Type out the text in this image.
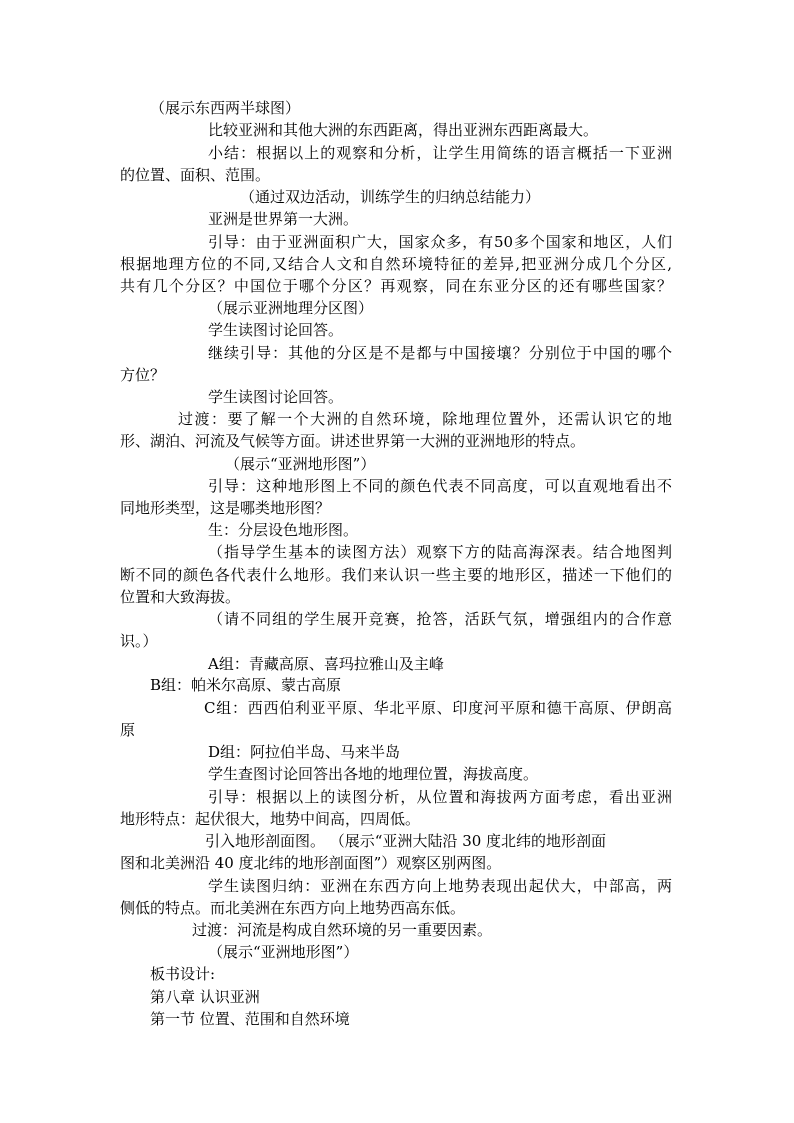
（展示东西两半球图）
比较亚洲和其他大洲的东西距离，得出亚洲东西距离最大。
小结：根据以上的观察和分析，让学生用简练的语言概括一下亚洲
的位置、面积、范围。
（通过双边活动，训练学生的归纳总结能力）
亚洲是世界第一大洲。
引导：由于亚洲面积广大，国家众多，有50多个国家和地区，人们
根据地理方位的不同,又结合人文和自然环境特征的差异,把亚洲分成几个分区,
共有几个分区？中国位于哪个分区？再观察，同在东亚分区的还有哪些国家？
（展示亚洲地理分区图）
学生读图讨论回答。
继续引导：其他的分区是不是都与中国接壤？分别位于中国的哪个
方位？
学生读图讨论回答。
过渡：要了解一个大洲的自然环境，除地理位置外，还需认识它的地
形、湖泊、河流及气候等方面。讲述世界第一大洲的亚洲地形的特点。
（展示“亚洲地形图”）
引导：这种地形图上不同的颜色代表不同高度，可以直观地看出不
同地形类型，这是哪类地形图？
生：分层设色地形图。
（指导学生基本的读图方法）观察下方的陆高海深表。结合地图判
断不同的颜色各代表什么地形。我们来认识一些主要的地形区，描述一下他们的
位置和大致海拔。
（请不同组的学生展开竞赛，抢答，活跃气氛，增强组内的合作意
识。）
A组：青藏高原、喜玛拉雅山及主峰
B组：帕米尔高原、蒙古高原
C组：西西伯利亚平原、华北平原、印度河平原和德干高原、伊朗高
原
D组：阿拉伯半岛、马来半岛
学生查图讨论回答出各地的地理位置，海拔高度。
引导：根据以上的读图分析，从位置和海拔两方面考虑，看出亚洲
地形特点：起伏很大，地势中间高，四周低。
引入地形剖面图。 （展示“亚洲大陆沿 30 度北纬的地形剖面
图和北美洲沿 40 度北纬的地形剖面图”）观察区别两图。
学生读图归纳：亚洲在东西方向上地势表现出起伏大，中部高，两
侧低的特点。而北美洲在东西方向上地势西高东低。
过渡：河流是构成自然环境的另一重要因素。
（展示“亚洲地形图”）
板书设计:
第八章 认识亚洲
第一节 位置、范围和自然环境
